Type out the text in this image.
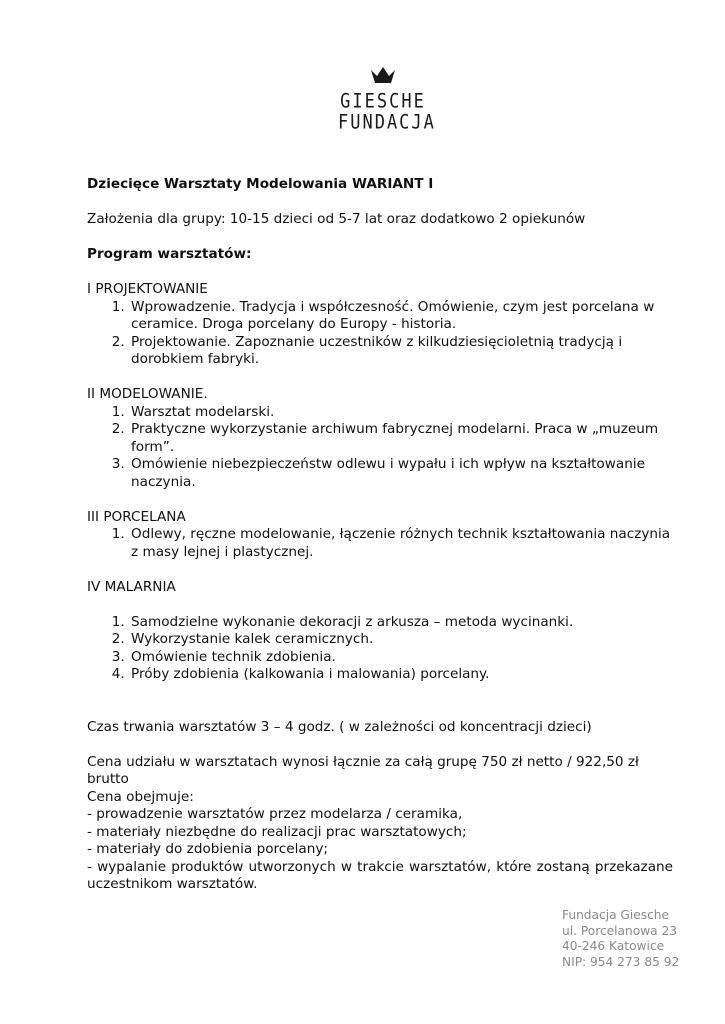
GIESCHE
FUNDACJA

Dziecięce Warsztaty Modelowania WARIANT I

Założenia dla grupy: 10-15 dzieci od 5-7 lat oraz dodatkowo 2 opiekunów

Program warsztatów:

I PROJEKTOWANIE

1. Wprowadzenie. Tradycja i współczesność. Omówienie, czym jest porcelana w ceramice. Droga porcelany do Europy - historia.
2. Projektowanie. Zapoznanie uczestników z kilkudziesięcioletnią tradycją i dorobkiem fabryki.

II MODELOWANIE.

1. Warsztat modelarski.
2. Praktyczne wykorzystanie archiwum fabrycznej modelarni. Praca w „muzeum form”.
3. Omówienie niebezpieczeństw odlewu i wypału i ich wpływ na kształtowanie naczynia.

III PORCELANA

1. Odlewy, ręczne modelowanie, łączenie różnych technik kształtowania naczynia z masy lejnej i plastycznej.

IV MALARNIA

1. Samodzielne wykonanie dekoracji z arkusza – metoda wycinanki.
2. Wykorzystanie kalek ceramicznych.
3. Omówienie technik zdobienia.
4. Próby zdobienia (kalkowania i malowania) porcelany.

Czas trwania warsztatów 3 – 4 godz. ( w zależności od koncentracji dzieci)

Cena udziału w warsztatach wynosi łącznie za całą grupę 750 zł netto / 922,50 zł brutto

Cena obejmuje:

- prowadzenie warsztatów przez modelarza / ceramika,

- materiały niezbędne do realizacji prac warsztatowych;

- materiały do zdobienia porcelany;

- wypalanie produktów utworzonych w trakcie warsztatów, które zostaną przekazane uczestnikom warsztatów.

Fundacja Giesche
ul. Porcelanowa 23
40-246 Katowice
NIP: 954 273 85 92
